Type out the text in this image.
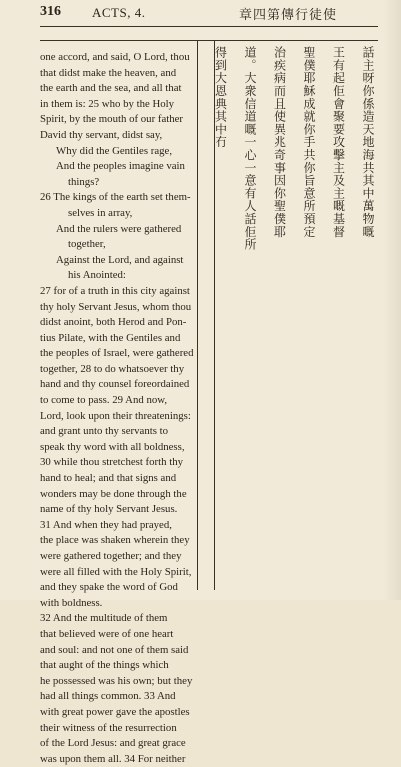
316 ACTS, 4.	章四第傳行徒使
one accord, and said, O Lord, thou
that didst make the heaven, and
the earth and the sea, and all that
in them is: 25 who by the Holy
Spirit, by the mouth of our father
David thy servant, didst say,
Why did the Gentiles rage,
And the peoples imagine vain
things?
26 The kings of the earth set them-
selves in array,
And the rulers were gathered
together,
Against the Lord, and against
his Anointed:
27 for of a truth in this city against
thy holy Servant Jesus, whom thou
didst anoint, both Herod and Pon-
tius Pilate, with the Gentiles and
the peoples of Israel, were gathered
together, 28 to do whatsoever thy
hand and thy counsel foreordained
to come to pass. 29 And now,
Lord, look upon their threatenings:
and grant unto thy servants to
speak thy word with all boldness,
30 while thou stretchest forth thy
hand to heal; and that signs and
wonders may be done through the
name of thy holy Servant Jesus.
31 And when they had prayed,
the place was shaken wherein they
were gathered together; and they
were all filled with the Holy Spirit,
and they spake the word of God
with boldness.
32 And the multitude of them
that believed were of one heart
and soul: and not one of them said
that aught of the things which
he possessed was his own; but they
had all things common. 33 And
with great power gave the apostles
their witness of the resurrection
of the Lord Jesus: and great grace
was upon them all. 34 For neither
話主呀你係造天地海共其中萬物嘅
王有起佢會聚要攻擊主及主嘅基督
聖僕耶穌成就你手共你旨意所預定
治疾病而且使異兆奇事因你聖僕耶
道。大衆信道嘅一心一意有人話佢所
得到大恩典其中冇
